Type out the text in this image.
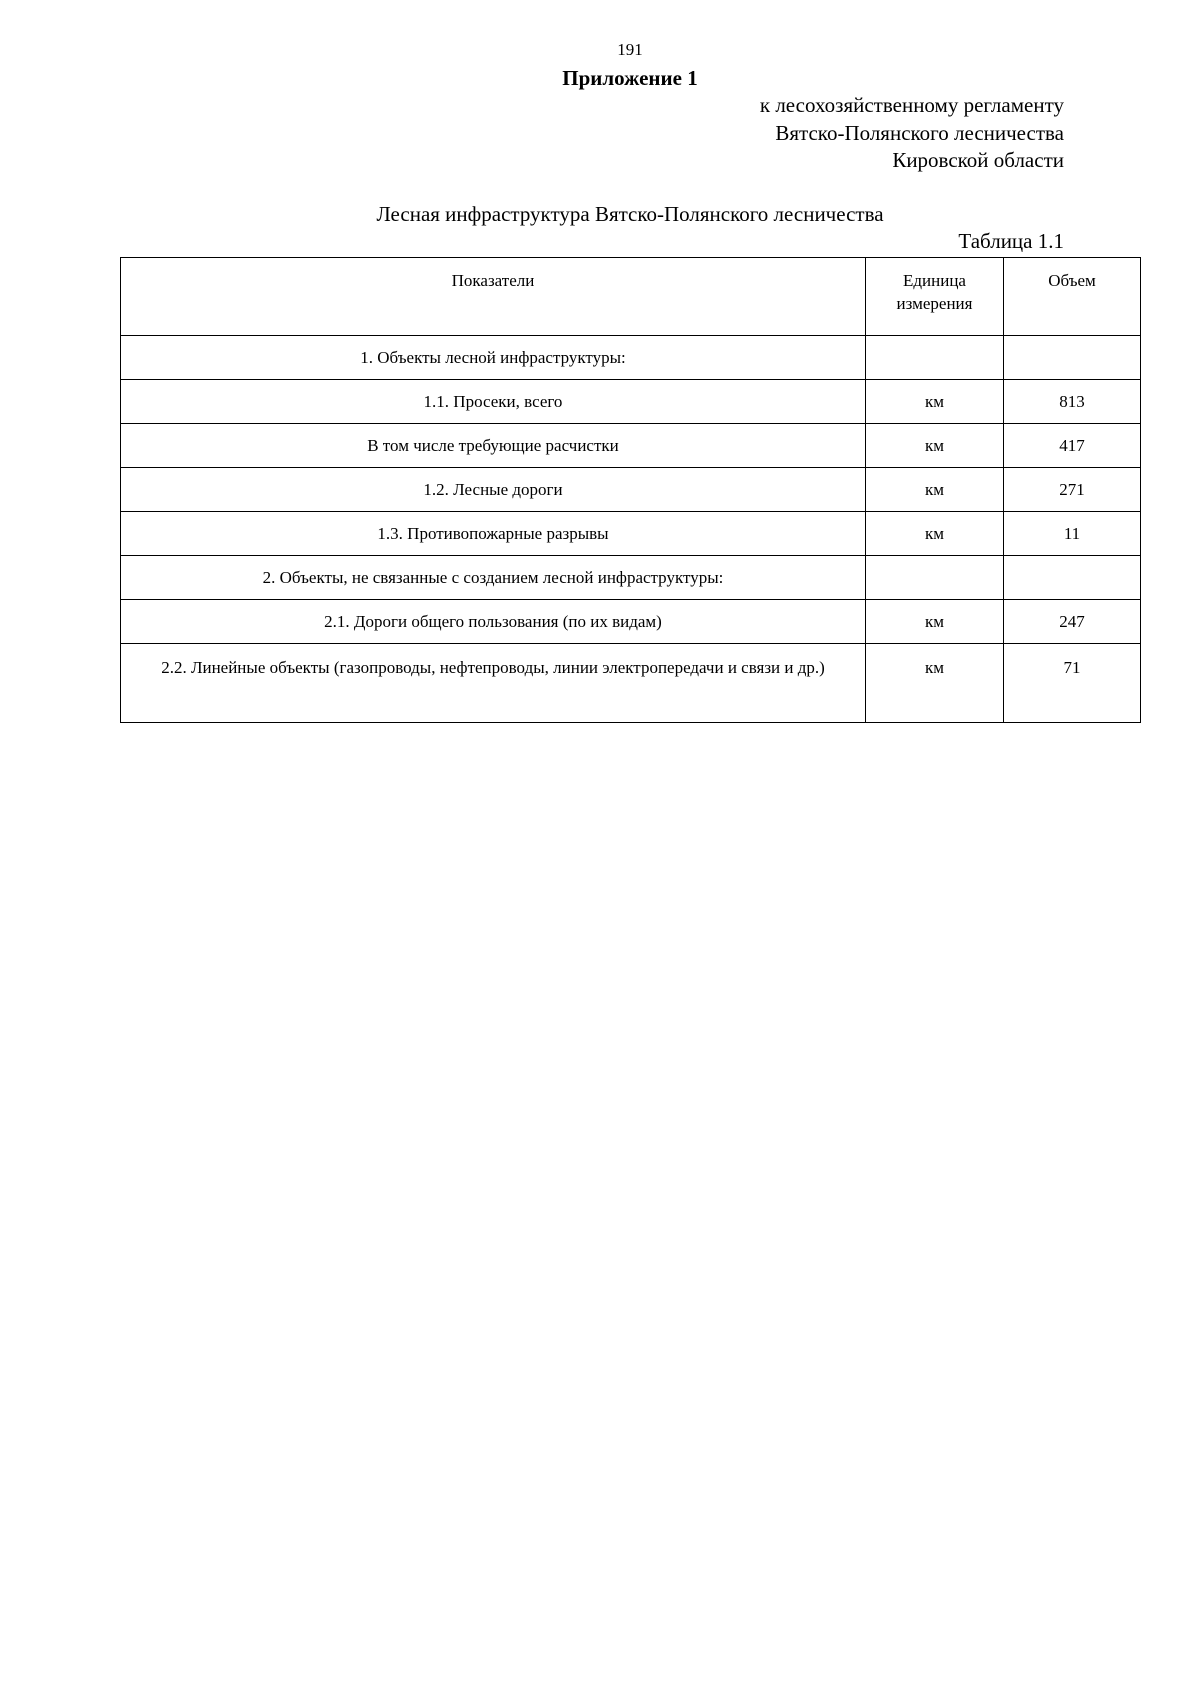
191
Приложение 1
к лесохозяйственному регламенту
Вятско-Полянского лесничества
Кировской области
Лесная инфраструктура Вятско-Полянского лесничества
Таблица 1.1
Показатели	Единица измерения	Объем
1. Объекты лесной инфраструктуры:		
1.1. Просеки, всего	км	813
В том числе требующие расчистки	км	417
1.2. Лесные дороги	км	271
1.3. Противопожарные разрывы	км	11
2. Объекты, не связанные с созданием лесной инфраструктуры:		
2.1. Дороги общего пользования (по их видам)	км	247
2.2. Линейные объекты (газопроводы, нефтепроводы, линии электропередачи и связи и др.)	км	71
